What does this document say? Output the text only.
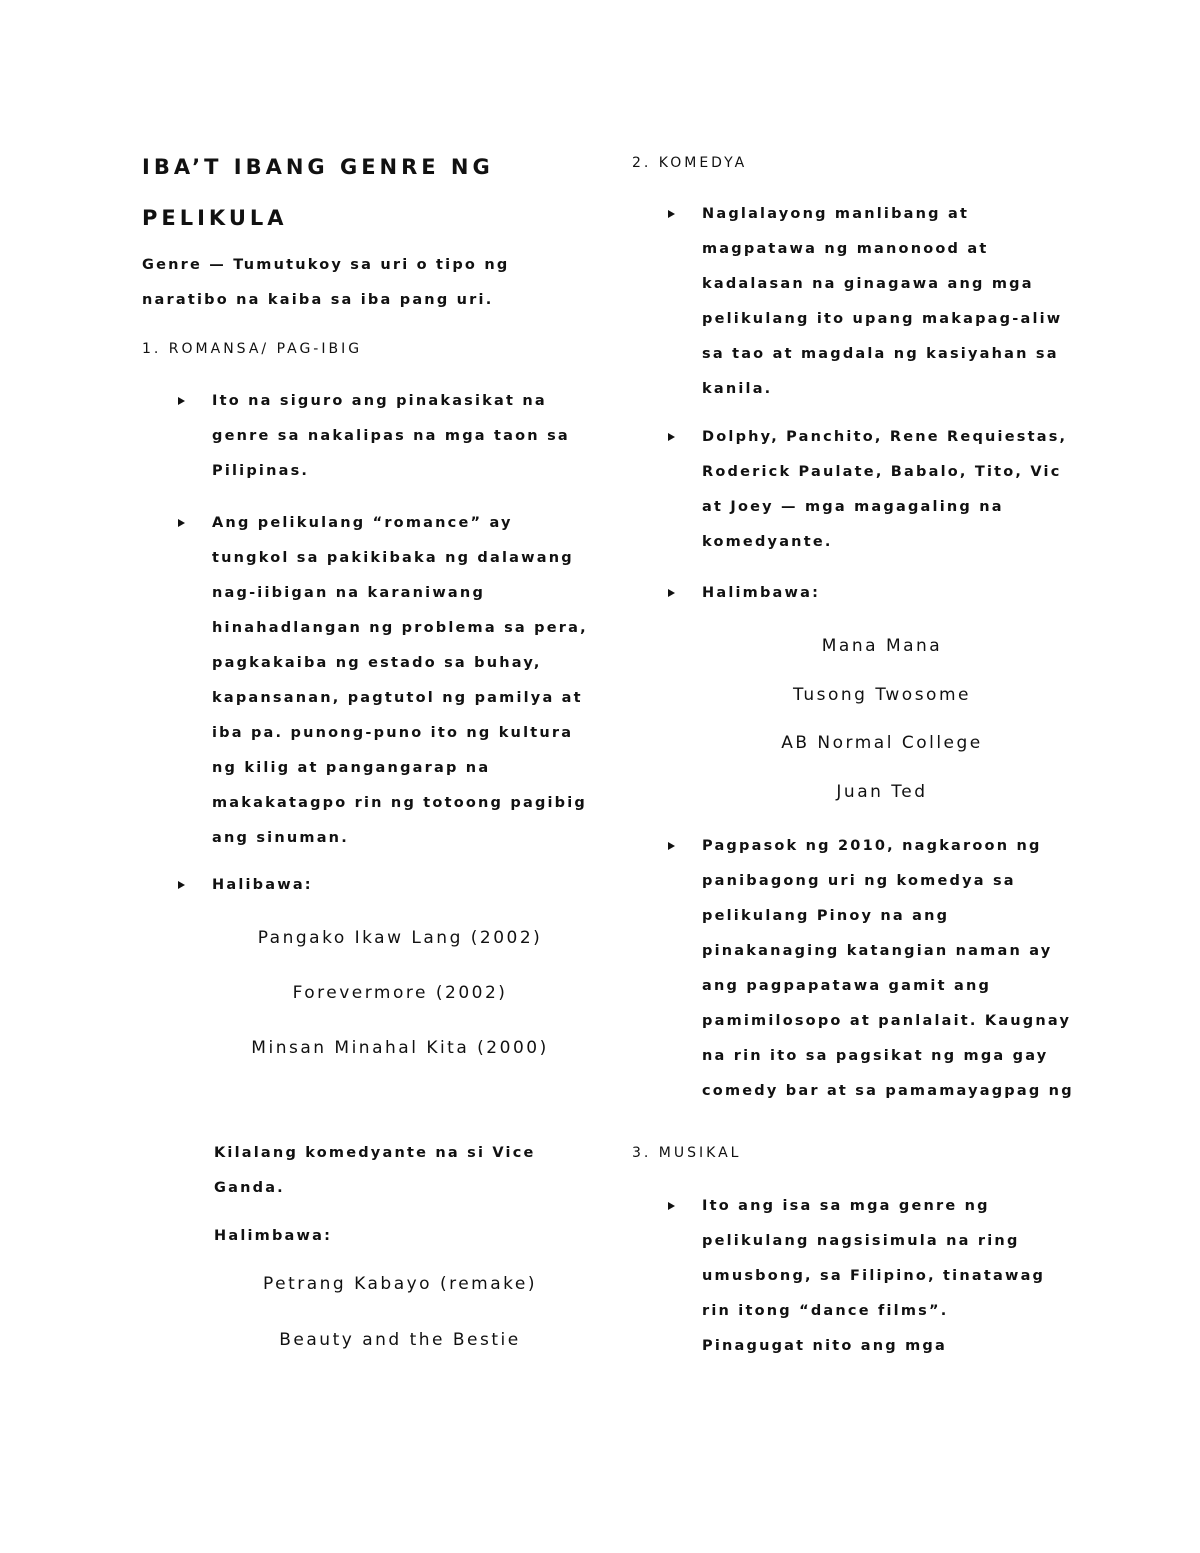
IBA’T IBANG GENRE NG
PELIKULA
Genre — Tumutukoy sa uri o tipo ng
naratibo na kaiba sa iba pang uri.
1. ROMANSA/ PAG-IBIG
Ito na siguro ang pinakasikat na
genre sa nakalipas na mga taon sa
Pilipinas.
Ang pelikulang “romance” ay
tungkol sa pakikibaka ng dalawang
nag-iibigan na karaniwang
hinahadlangan ng problema sa pera,
pagkakaiba ng estado sa buhay,
kapansanan, pagtutol ng pamilya at
iba pa. punong-puno ito ng kultura
ng kilig at pangangarap na
makakatagpo rin ng totoong pagibig
ang sinuman.
Halibawa:
Pangako Ikaw Lang (2002)
Forevermore (2002)
Minsan Minahal Kita (2000)
Kilalang komedyante na si Vice
Ganda.
Halimbawa:
Petrang Kabayo (remake)
Beauty and the Bestie
2. KOMEDYA
Naglalayong manlibang at
magpatawa ng manonood at
kadalasan na ginagawa ang mga
pelikulang ito upang makapag-aliw
sa tao at magdala ng kasiyahan sa
kanila.
Dolphy, Panchito, Rene Requiestas,
Roderick Paulate, Babalo, Tito, Vic
at Joey — mga magagaling na
komedyante.
Halimbawa:
Mana Mana
Tusong Twosome
AB Normal College
Juan Ted
Pagpasok ng 2010, nagkaroon ng
panibagong uri ng komedya sa
pelikulang Pinoy na ang
pinakanaging katangian naman ay
ang pagpapatawa gamit ang
pamimilosopo at panlalait. Kaugnay
na rin ito sa pagsikat ng mga gay
comedy bar at sa pamamayagpag ng
3. MUSIKAL
Ito ang isa sa mga genre ng
pelikulang nagsisimula na ring
umusbong, sa Filipino, tinatawag
rin itong “dance films”.
Pinagugat nito ang mga
